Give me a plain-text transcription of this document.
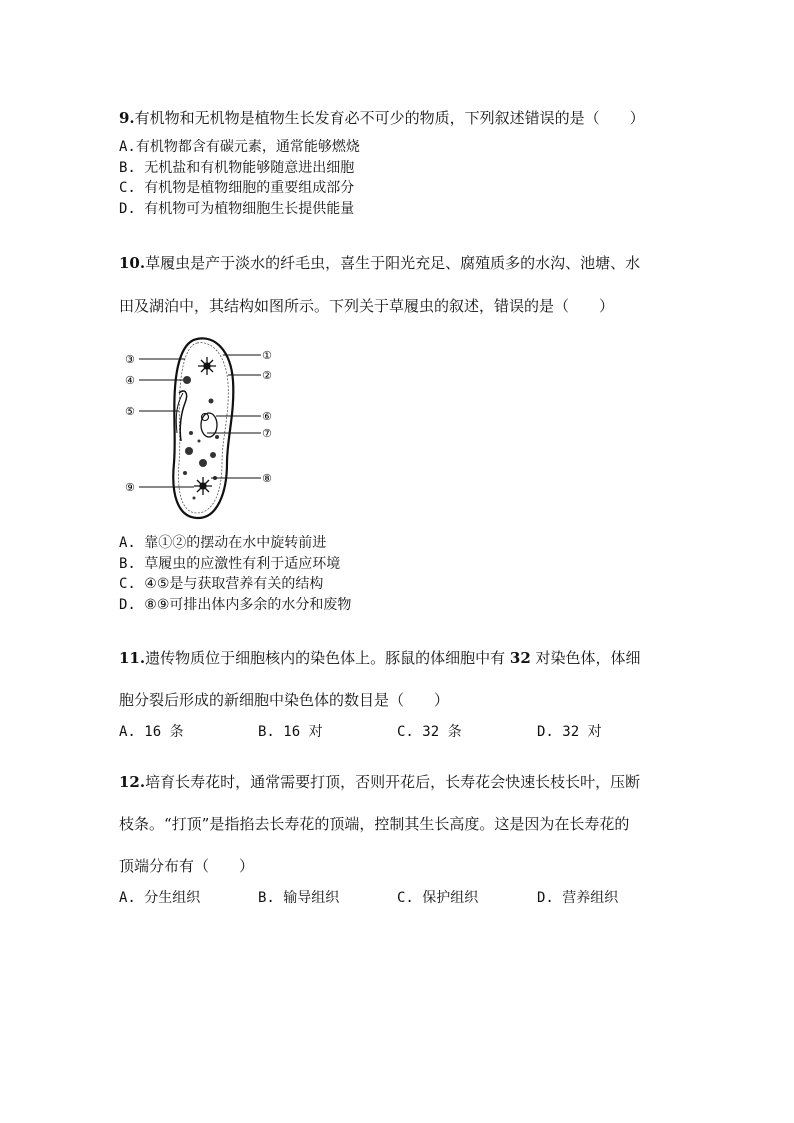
9.有机物和无机物是植物生长发育必不可少的物质，下列叙述错误的是（　　）
A.有机物都含有碳元素，通常能够燃烧
B. 无机盐和有机物能够随意进出细胞
C. 有机物是植物细胞的重要组成部分
D. 有机物可为植物细胞生长提供能量
10.草履虫是产于淡水的纤毛虫，喜生于阳光充足、腐殖质多的水沟、池塘、水
田及湖泊中，其结构如图所示。下列关于草履虫的叙述，错误的是（　　）
③
④
⑤
⑨
①
②
⑥
⑦
⑧
A. 靠①②的摆动在水中旋转前进
B. 草履虫的应激性有利于适应环境
C. ④⑤是与获取营养有关的结构
D. ⑧⑨可排出体内多余的水分和废物
11.遗传物质位于细胞核内的染色体上。豚鼠的体细胞中有 32 对染色体，体细
胞分裂后形成的新细胞中染色体的数目是（　　）
A. 16 条	B. 16 对	C. 32 条	D. 32 对
12.培育长寿花时，通常需要打顶，否则开花后，长寿花会快速长枝长叶，压断
枝条。“打顶”是指掐去长寿花的顶端，控制其生长高度。这是因为在长寿花的
顶端分布有（　　）
A. 分生组织	B. 输导组织	C. 保护组织	D. 营养组织
